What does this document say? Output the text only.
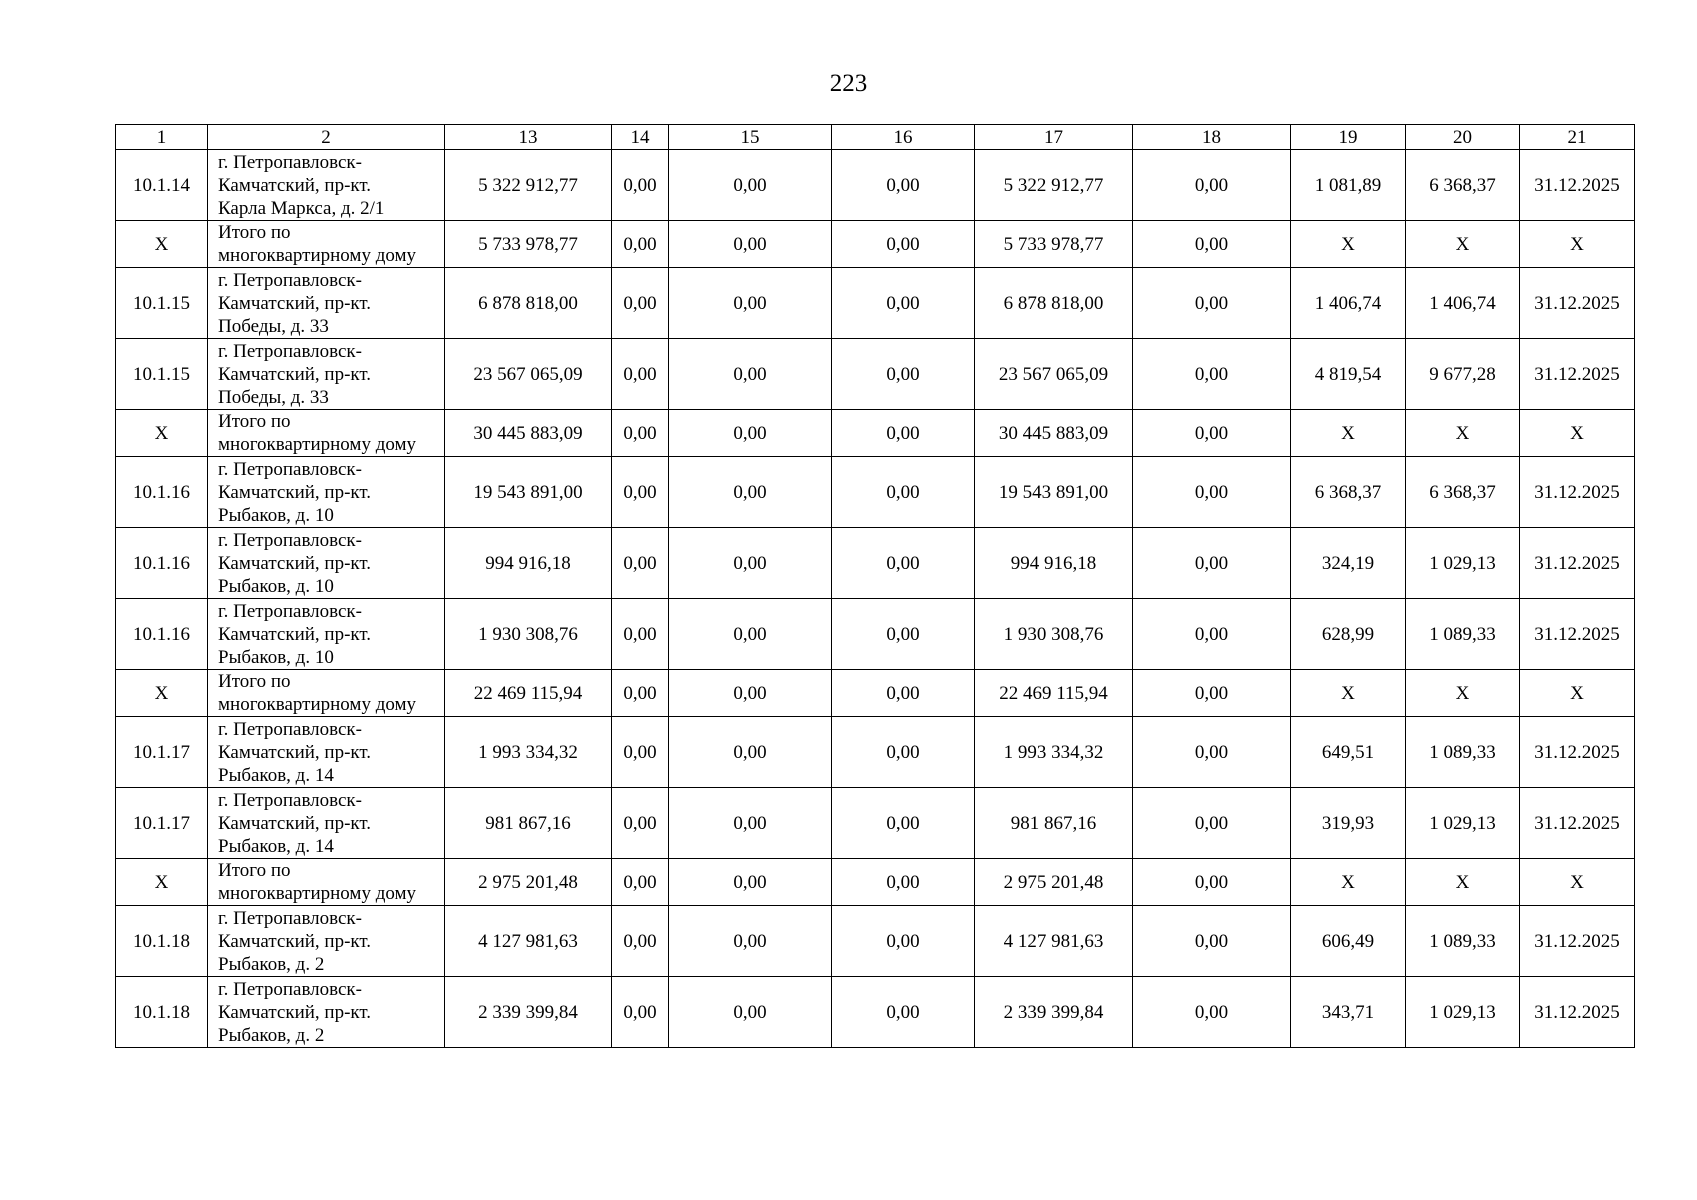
223
1	2	13	14	15	16	17	18	19	20	21
10.1.14	г. Петропавловск-
Камчатский, пр-кт.
Карла Маркса, д. 2/1	5 322 912,77	0,00	0,00	0,00	5 322 912,77	0,00	1 081,89	6 368,37	31.12.2025
X	Итого по
многоквартирному дому	5 733 978,77	0,00	0,00	0,00	5 733 978,77	0,00	X	X	X
10.1.15	г. Петропавловск-
Камчатский, пр-кт.
Победы, д. 33	6 878 818,00	0,00	0,00	0,00	6 878 818,00	0,00	1 406,74	1 406,74	31.12.2025
10.1.15	г. Петропавловск-
Камчатский, пр-кт.
Победы, д. 33	23 567 065,09	0,00	0,00	0,00	23 567 065,09	0,00	4 819,54	9 677,28	31.12.2025
X	Итого по
многоквартирному дому	30 445 883,09	0,00	0,00	0,00	30 445 883,09	0,00	X	X	X
10.1.16	г. Петропавловск-
Камчатский, пр-кт.
Рыбаков, д. 10	19 543 891,00	0,00	0,00	0,00	19 543 891,00	0,00	6 368,37	6 368,37	31.12.2025
10.1.16	г. Петропавловск-
Камчатский, пр-кт.
Рыбаков, д. 10	994 916,18	0,00	0,00	0,00	994 916,18	0,00	324,19	1 029,13	31.12.2025
10.1.16	г. Петропавловск-
Камчатский, пр-кт.
Рыбаков, д. 10	1 930 308,76	0,00	0,00	0,00	1 930 308,76	0,00	628,99	1 089,33	31.12.2025
X	Итого по
многоквартирному дому	22 469 115,94	0,00	0,00	0,00	22 469 115,94	0,00	X	X	X
10.1.17	г. Петропавловск-
Камчатский, пр-кт.
Рыбаков, д. 14	1 993 334,32	0,00	0,00	0,00	1 993 334,32	0,00	649,51	1 089,33	31.12.2025
10.1.17	г. Петропавловск-
Камчатский, пр-кт.
Рыбаков, д. 14	981 867,16	0,00	0,00	0,00	981 867,16	0,00	319,93	1 029,13	31.12.2025
X	Итого по
многоквартирному дому	2 975 201,48	0,00	0,00	0,00	2 975 201,48	0,00	X	X	X
10.1.18	г. Петропавловск-
Камчатский, пр-кт.
Рыбаков, д. 2	4 127 981,63	0,00	0,00	0,00	4 127 981,63	0,00	606,49	1 089,33	31.12.2025
10.1.18	г. Петропавловск-
Камчатский, пр-кт.
Рыбаков, д. 2	2 339 399,84	0,00	0,00	0,00	2 339 399,84	0,00	343,71	1 029,13	31.12.2025
